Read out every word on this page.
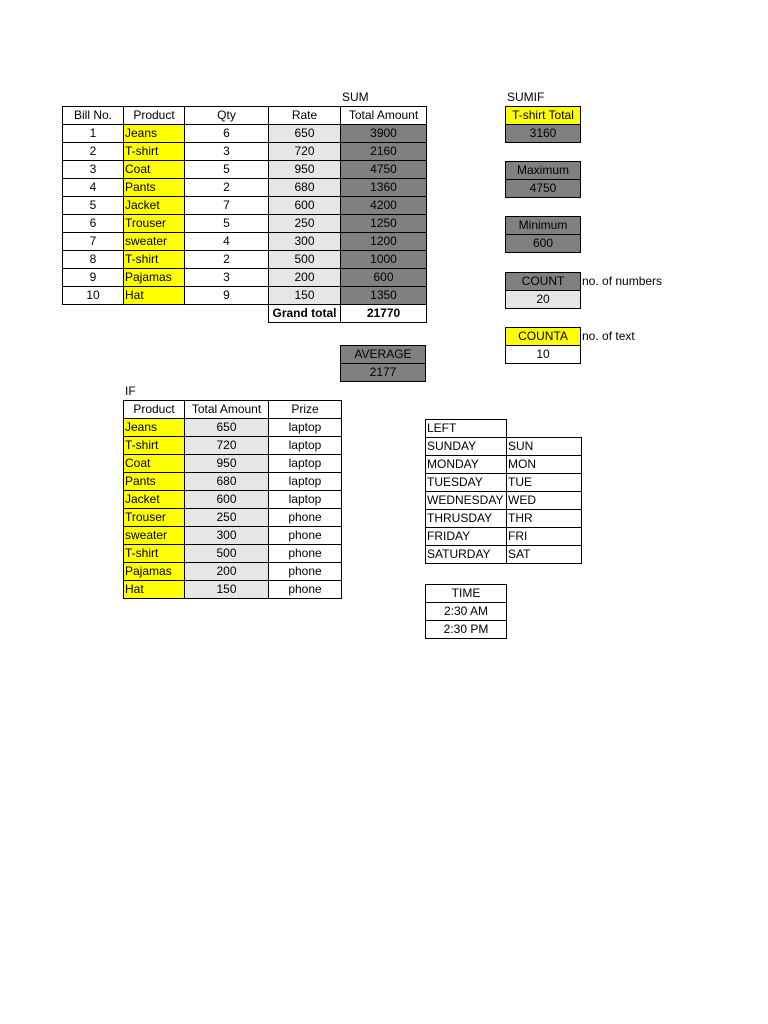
SUM	SUMIF
IF
Bill No.	Product	Qty	Rate	Total Amount
1	Jeans	6	650	3900
2	T-shirt	3	720	2160
3	Coat	5	950	4750
4	Pants	2	680	1360
5	Jacket	7	600	4200
6	Trouser	5	250	1250
7	sweater	4	300	1200
8	T-shirt	2	500	1000
9	Pajamas	3	200	600
10	Hat	9	150	1350
			Grand total	21770
AVERAGE
2177
T-shirt Total
3160
Maximum
4750
Minimum
600
COUNT
20
no. of numbers
COUNTA
10
no. of text
Product	Total Amount	Prize
Jeans	650	laptop
T-shirt	720	laptop
Coat	950	laptop
Pants	680	laptop
Jacket	600	laptop
Trouser	250	phone
sweater	300	phone
T-shirt	500	phone
Pajamas	200	phone
Hat	150	phone
LEFT	
SUNDAY	SUN
MONDAY	MON
TUESDAY	TUE
WEDNESDAY	WED
THRUSDAY	THR
FRIDAY	FRI
SATURDAY	SAT
TIME
2:30 AM
2:30 PM
